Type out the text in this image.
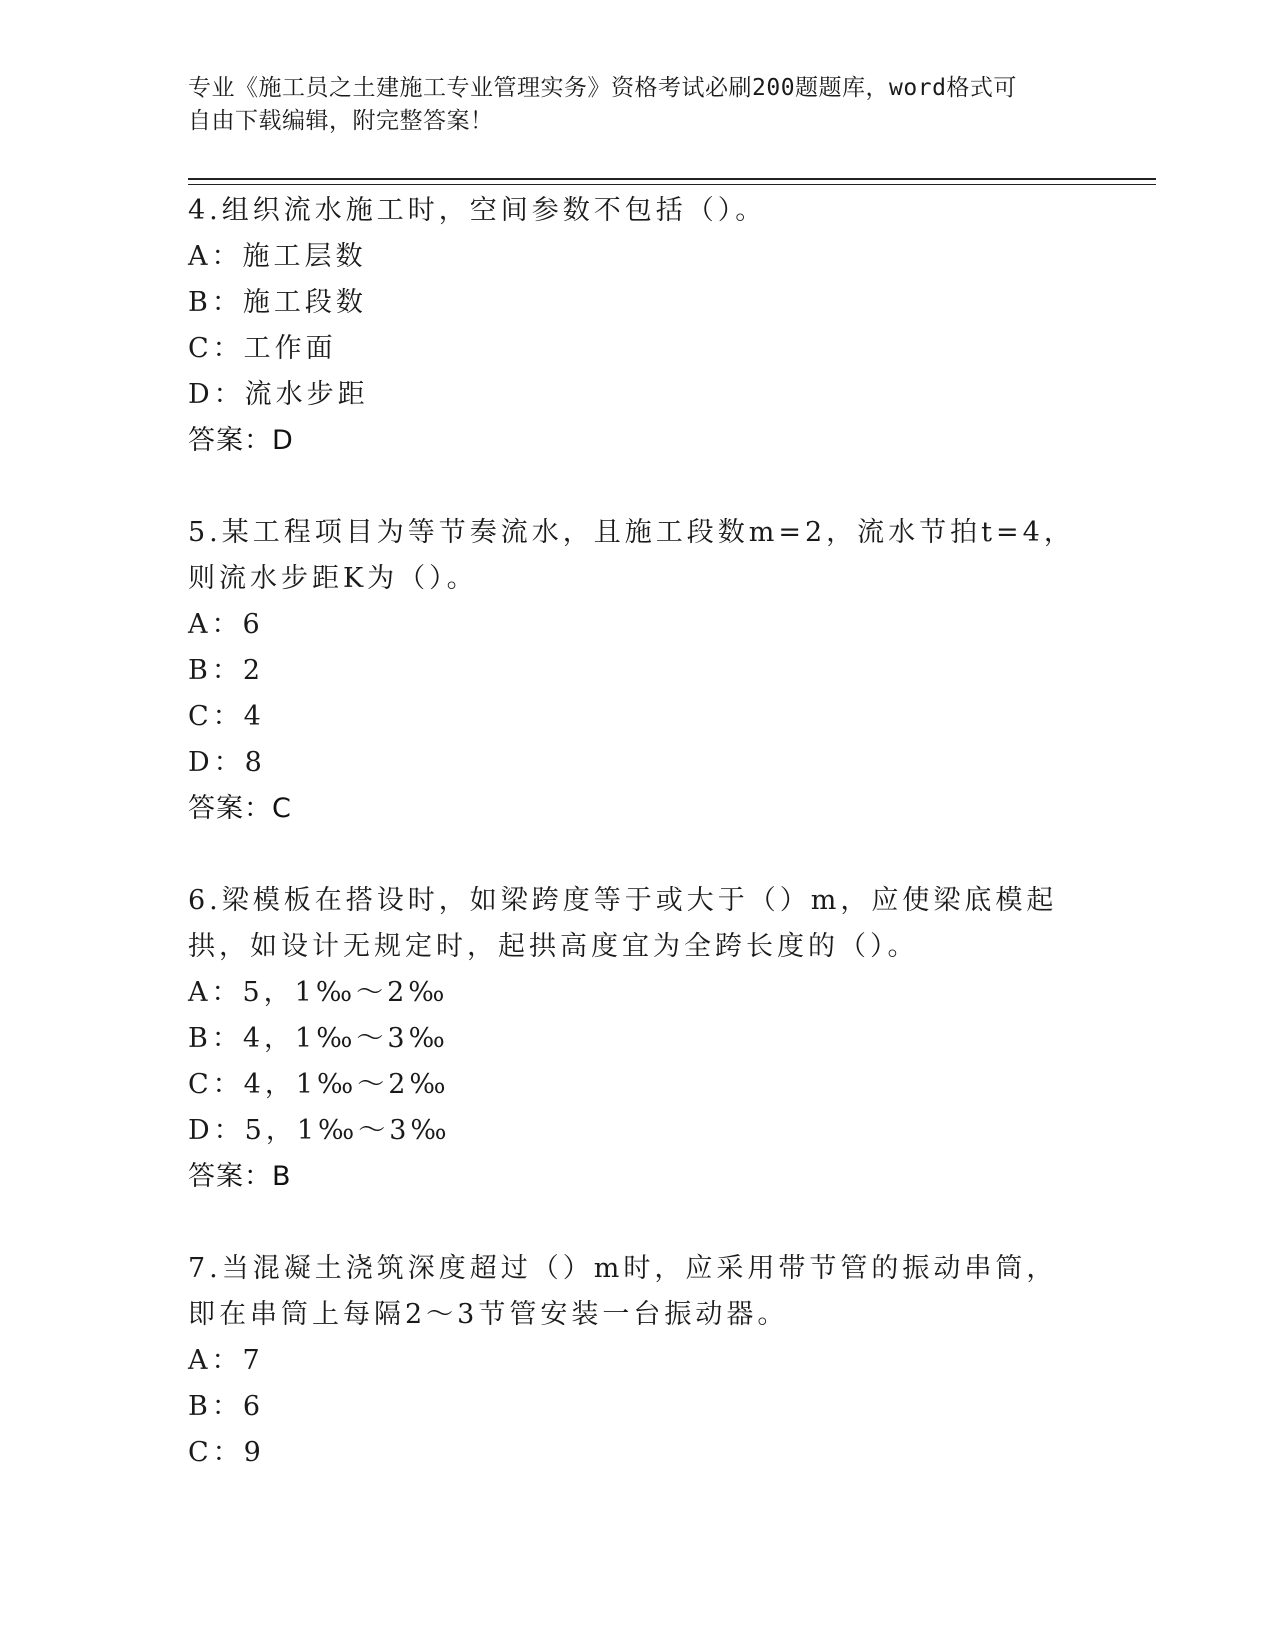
专业《施工员之土建施工专业管理实务》资格考试必刷200题题库，word格式可
自由下载编辑，附完整答案！
4.组织流水施工时，空间参数不包括（）。
A：施工层数
B：施工段数
C：工作面
D：流水步距
答案：D
5.某工程项目为等节奏流水，且施工段数m=2，流水节拍t=4，则流水步距K为（）。
A：6
B：2
C：4
D：8
答案：C
6.梁模板在搭设时，如梁跨度等于或大于（）m，应使梁底模起拱，如设计无规定时，起拱高度宜为全跨长度的（）。
A：5，1‰～2‰
B：4，1‰～3‰
C：4，1‰～2‰
D：5，1‰～3‰
答案：B
7.当混凝土浇筑深度超过（）m时，应采用带节管的振动串筒，即在串筒上每隔2～3节管安装一台振动器。
A：7
B：6
C：9
